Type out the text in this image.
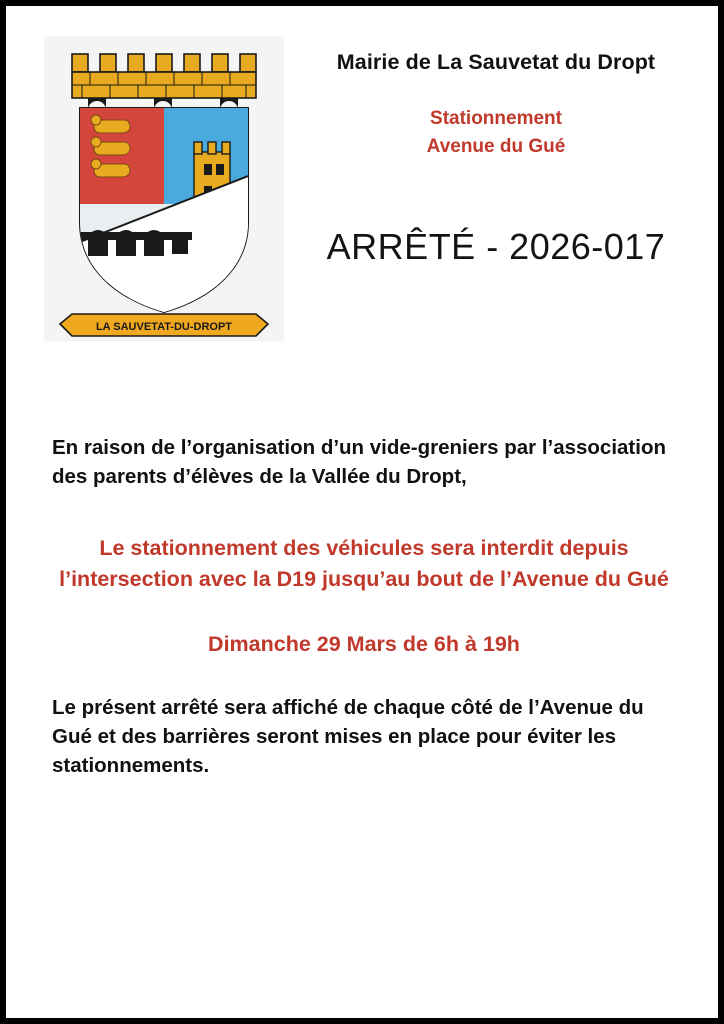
LA SAUVETAT-DU-DROPT
Mairie de La Sauvetat du Dropt
Stationnement
Avenue du Gué
ARRÊTÉ - 2026-017
En raison de l’organisation d’un vide-greniers par l’association des parents d’élèves de la Vallée du Dropt,
Le stationnement des véhicules sera interdit depuis l’intersection avec la D19 jusqu’au bout de l’Avenue du Gué
Dimanche 29 Mars de 6h à 19h
Le présent arrêté sera affiché de chaque côté de l’Avenue du Gué et des barrières seront mises en place pour éviter les stationnements.
